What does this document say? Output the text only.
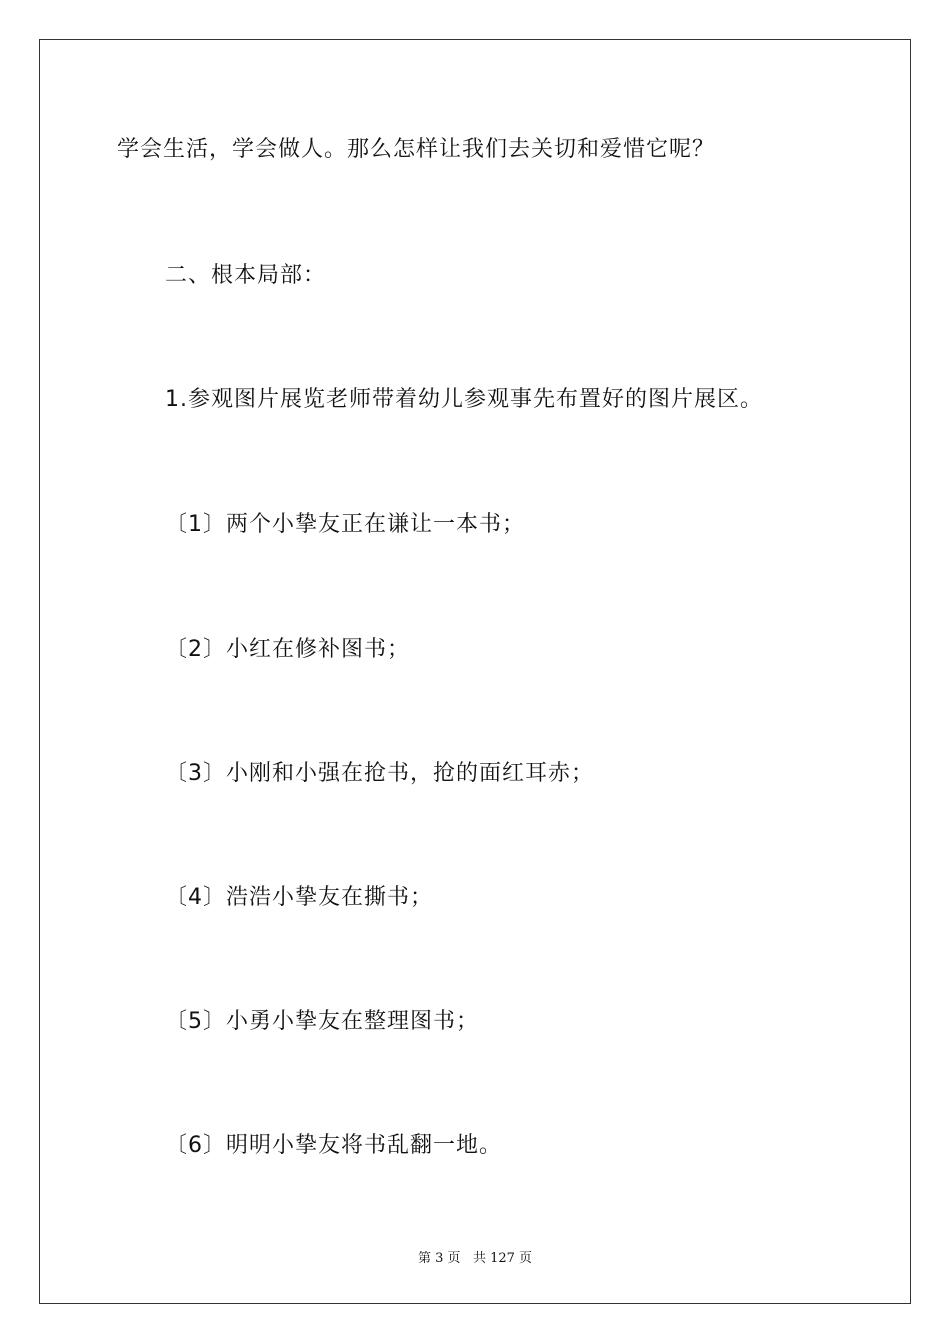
学会生活，学会做人。那么怎样让我们去关切和爱惜它呢？
二、根本局部：
1.参观图片展览老师带着幼儿参观事先布置好的图片展区。
〔1〕两个小挚友正在谦让一本书；
〔2〕小红在修补图书；
〔3〕小刚和小强在抢书，抢的面红耳赤；
〔4〕浩浩小挚友在撕书；
〔5〕小勇小挚友在整理图书；
〔6〕明明小挚友将书乱翻一地。
第 3 页 共 127 页
